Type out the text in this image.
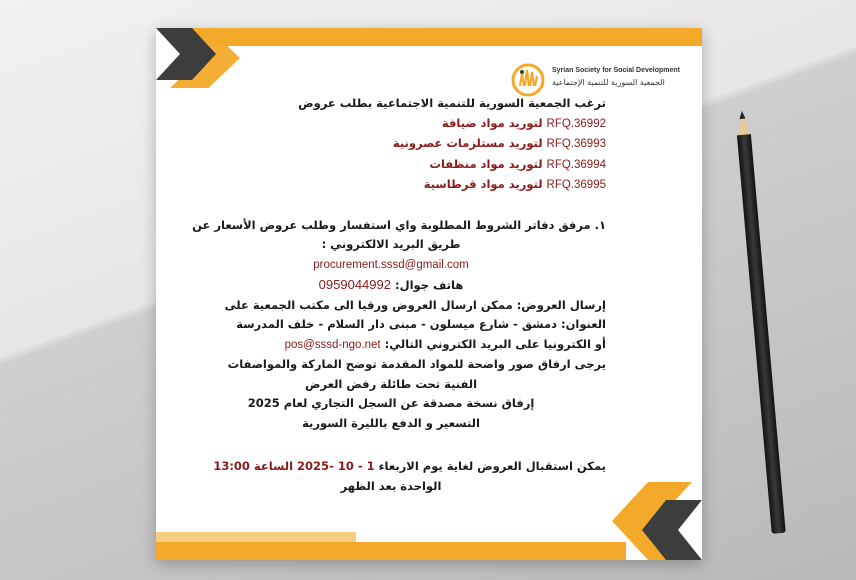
Syrian Society for Social Development
الجمعية السورية للتنمية الإجتماعية
ترغب الجمعية السورية للتنمية الاجتماعية بطلب عروض
RFQ.36992 لتوريد مواد ضيافة
RFQ.36993 لتوريد مستلزمات عصرونية
RFQ.36994 لتوريد مواد منظفات
RFQ.36995 لتوريد مواد قرطاسية
١. مرفق دفاتر الشروط المطلوبة واي استفسار وطلب عروض الأسعار عن
طريق البريد الالكتروني :
procurement.sssd@gmail.com
هاتف جوال: 0959044992
إرسال العروض: ممكن ارسال العروض ورقيا الى مكتب الجمعية على
العنوان: دمشق - شارع ميسلون - مبنى دار السلام - خلف المدرسة
أو الكترونيا على البريد الكتروني التالي: pos@sssd-ngo.net
يرجى ارفاق صور واضحة للمواد المقدمة توضح الماركة والمواصفات
الفنية تحت طائلة رفض العرض
إرفاق نسخة مصدقة عن السجل التجاري لعام 2025
التسعير و الدفع بالليرة السورية
يمكن استقبال العروض لغاية يوم الاربعاء 1 - 10 -2025 الساعة 13:00
الواحدة بعد الظهر
